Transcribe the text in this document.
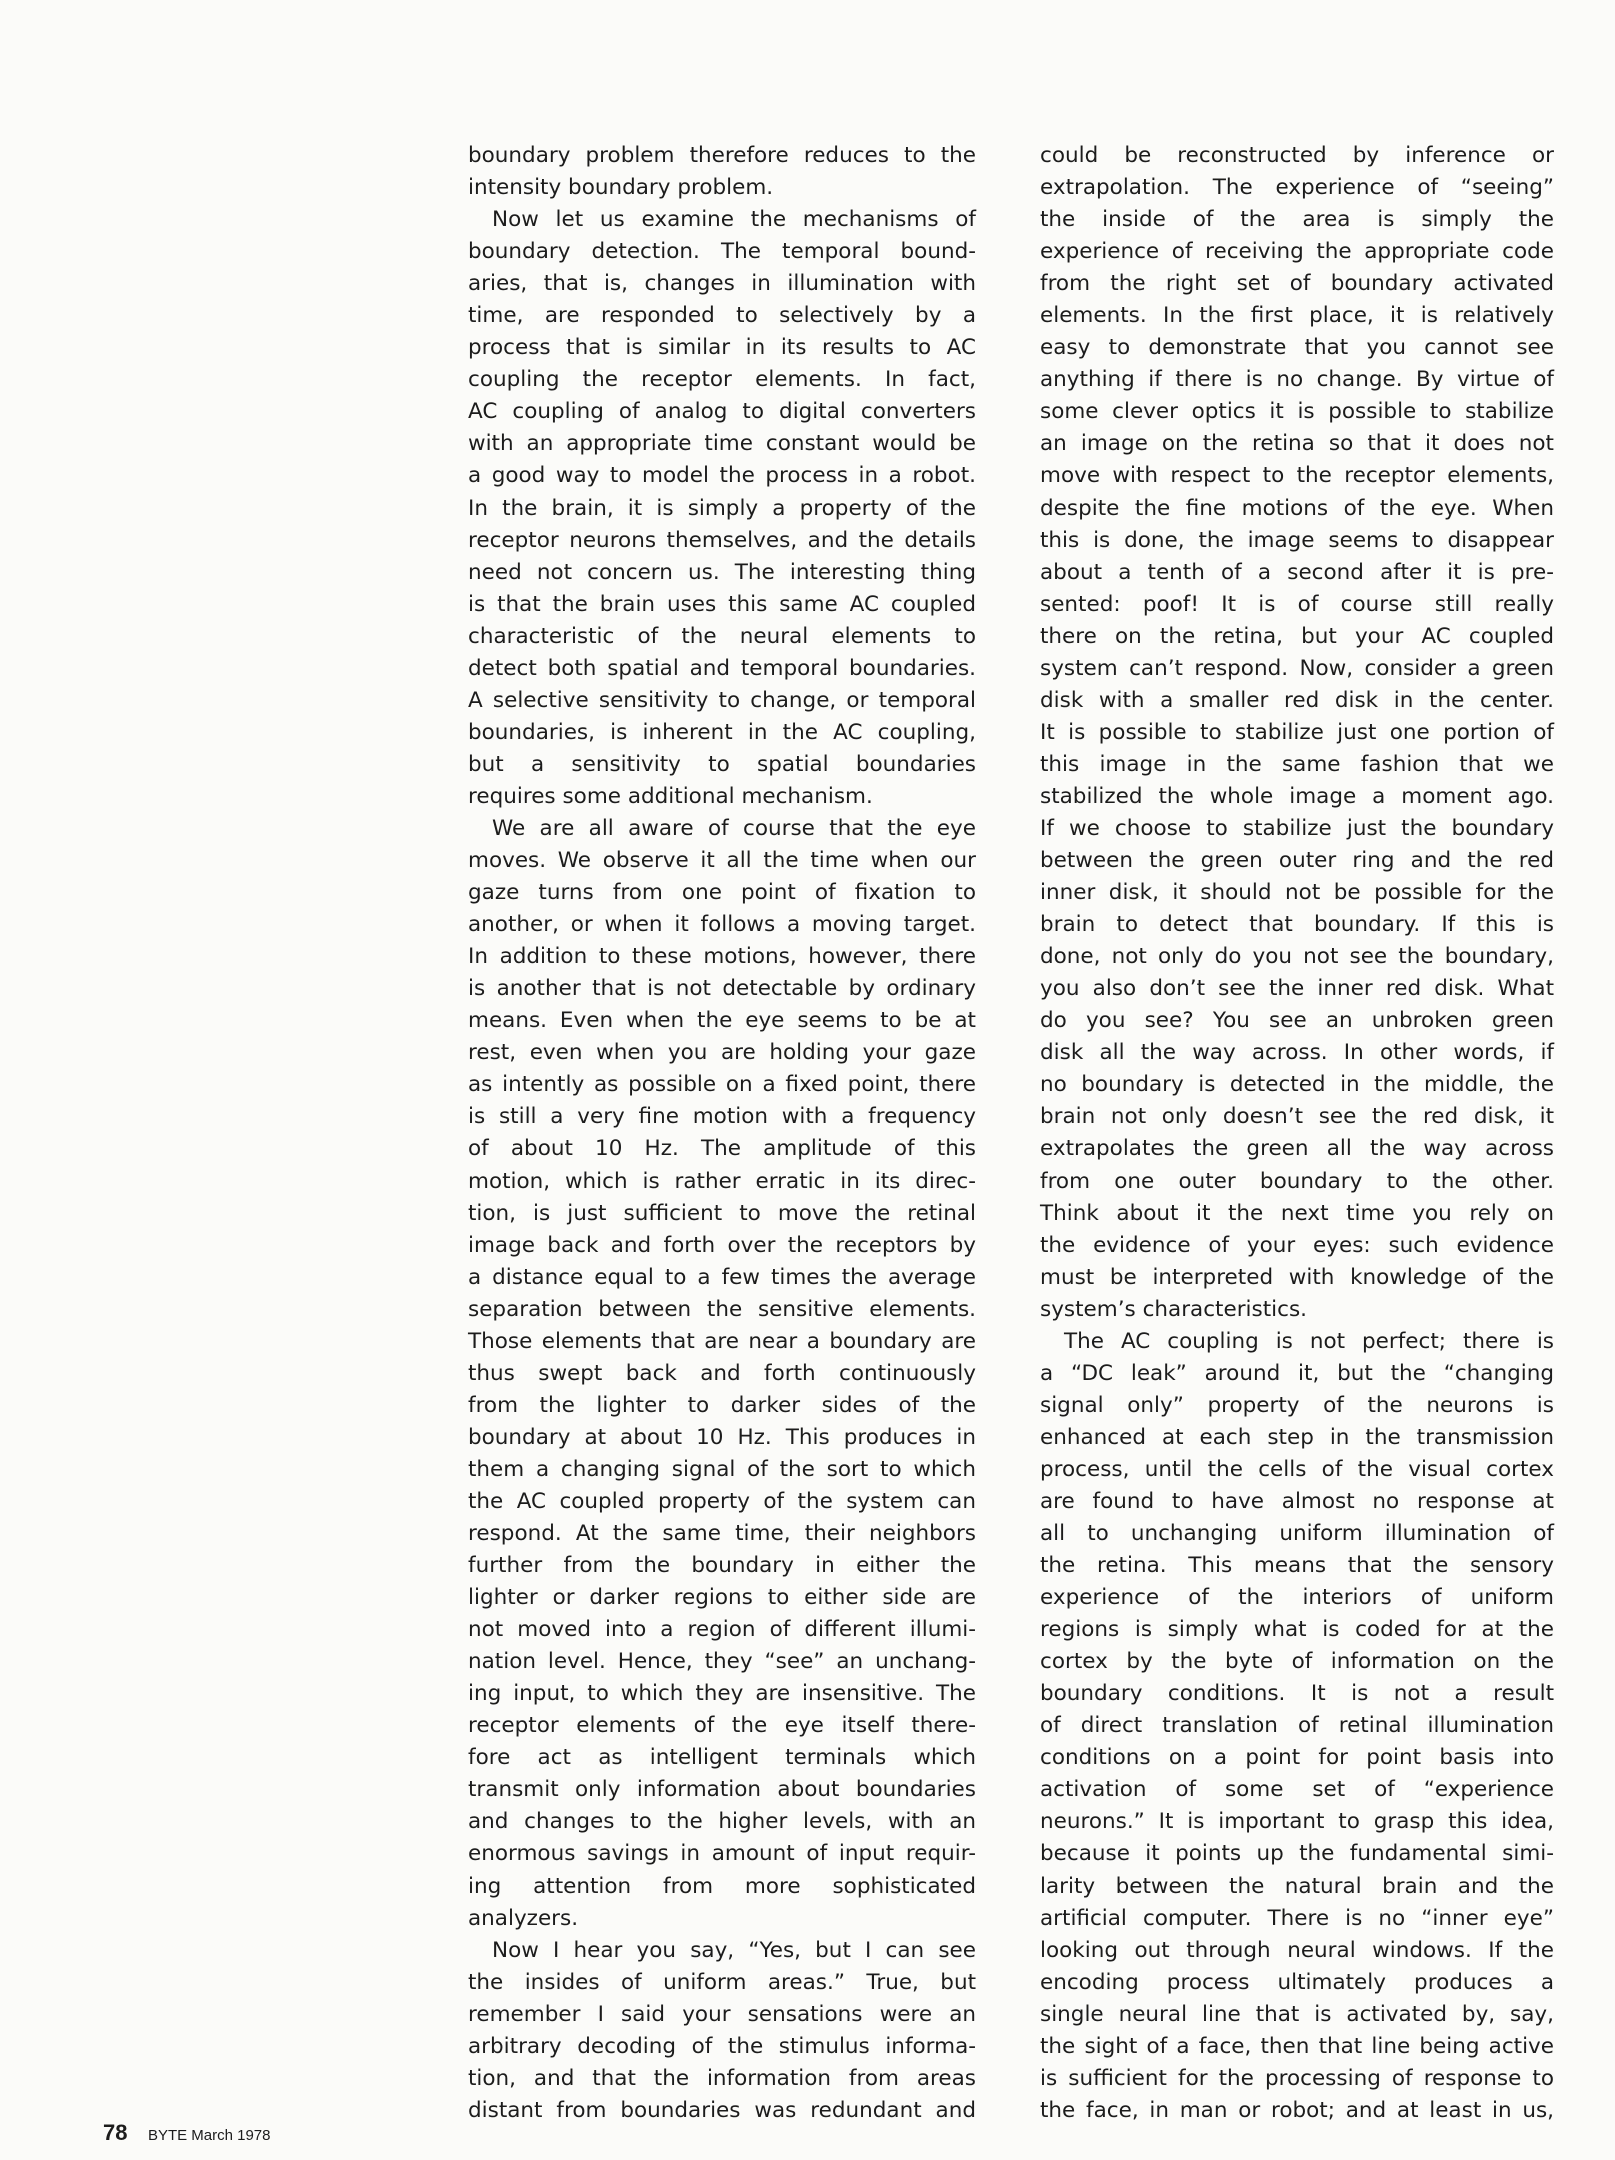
boundary problem therefore reduces to the
intensity boundary problem.
Now let us examine the mechanisms of
boundary detection. The temporal bound-
aries, that is, changes in illumination with
time, are responded to selectively by a
process that is similar in its results to AC
coupling the receptor elements. In fact,
AC coupling of analog to digital converters
with an appropriate time constant would be
a good way to model the process in a robot.
In the brain, it is simply a property of the
receptor neurons themselves, and the details
need not concern us. The interesting thing
is that the brain uses this same AC coupled
characteristic of the neural elements to
detect both spatial and temporal boundaries.
A selective sensitivity to change, or temporal
boundaries, is inherent in the AC coupling,
but a sensitivity to spatial boundaries
requires some additional mechanism.
We are all aware of course that the eye
moves. We observe it all the time when our
gaze turns from one point of fixation to
another, or when it follows a moving target.
In addition to these motions, however, there
is another that is not detectable by ordinary
means. Even when the eye seems to be at
rest, even when you are holding your gaze
as intently as possible on a fixed point, there
is still a very fine motion with a frequency
of about 10 Hz. The amplitude of this
motion, which is rather erratic in its direc-
tion, is just sufficient to move the retinal
image back and forth over the receptors by
a distance equal to a few times the average
separation between the sensitive elements.
Those elements that are near a boundary are
thus swept back and forth continuously
from the lighter to darker sides of the
boundary at about 10 Hz. This produces in
them a changing signal of the sort to which
the AC coupled property of the system can
respond. At the same time, their neighbors
further from the boundary in either the
lighter or darker regions to either side are
not moved into a region of different illumi-
nation level. Hence, they “see” an unchang-
ing input, to which they are insensitive. The
receptor elements of the eye itself there-
fore act as intelligent terminals which
transmit only information about boundaries
and changes to the higher levels, with an
enormous savings in amount of input requir-
ing attention from more sophisticated
analyzers.
Now I hear you say, “Yes, but I can see
the insides of uniform areas.” True, but
remember I said your sensations were an
arbitrary decoding of the stimulus informa-
tion, and that the information from areas
distant from boundaries was redundant and
could be reconstructed by inference or
extrapolation. The experience of “seeing”
the inside of the area is simply the
experience of receiving the appropriate code
from the right set of boundary activated
elements. In the first place, it is relatively
easy to demonstrate that you cannot see
anything if there is no change. By virtue of
some clever optics it is possible to stabilize
an image on the retina so that it does not
move with respect to the receptor elements,
despite the fine motions of the eye. When
this is done, the image seems to disappear
about a tenth of a second after it is pre-
sented: poof! It is of course still really
there on the retina, but your AC coupled
system can’t respond. Now, consider a green
disk with a smaller red disk in the center.
It is possible to stabilize just one portion of
this image in the same fashion that we
stabilized the whole image a moment ago.
If we choose to stabilize just the boundary
between the green outer ring and the red
inner disk, it should not be possible for the
brain to detect that boundary. If this is
done, not only do you not see the boundary,
you also don’t see the inner red disk. What
do you see? You see an unbroken green
disk all the way across. In other words, if
no boundary is detected in the middle, the
brain not only doesn’t see the red disk, it
extrapolates the green all the way across
from one outer boundary to the other.
Think about it the next time you rely on
the evidence of your eyes: such evidence
must be interpreted with knowledge of the
system’s characteristics.
The AC coupling is not perfect; there is
a “DC leak” around it, but the “changing
signal only” property of the neurons is
enhanced at each step in the transmission
process, until the cells of the visual cortex
are found to have almost no response at
all to unchanging uniform illumination of
the retina. This means that the sensory
experience of the interiors of uniform
regions is simply what is coded for at the
cortex by the byte of information on the
boundary conditions. It is not a result
of direct translation of retinal illumination
conditions on a point for point basis into
activation of some set of “experience
neurons.” It is important to grasp this idea,
because it points up the fundamental simi-
larity between the natural brain and the
artificial computer. There is no “inner eye”
looking out through neural windows. If the
encoding process ultimately produces a
single neural line that is activated by, say,
the sight of a face, then that line being active
is sufficient for the processing of response to
the face, in man or robot; and at least in us,
78 BYTE March 1978
